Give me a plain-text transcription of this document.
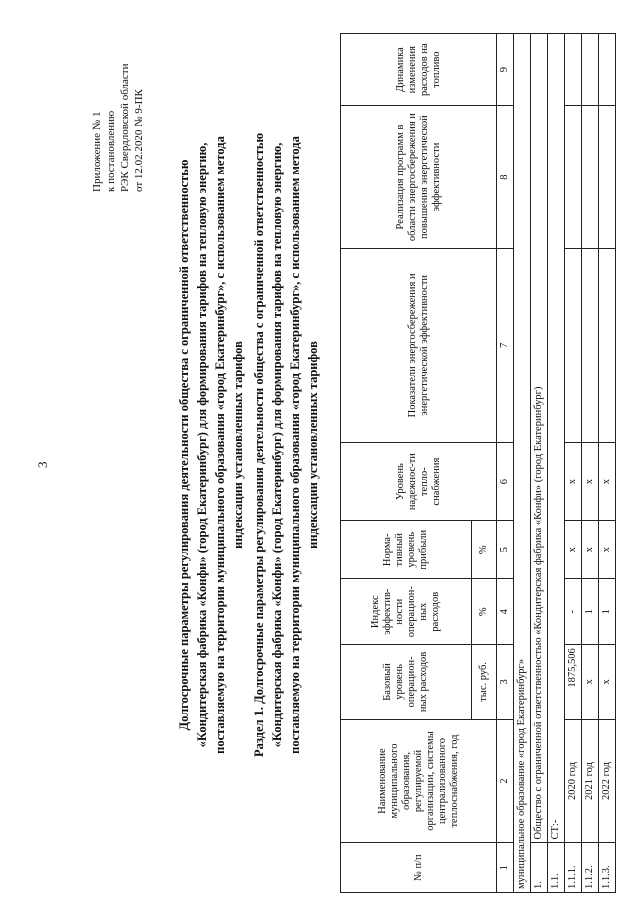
3
Приложение № 1 к постановлению РЭК Свердловской области от 12.02.2020 № 9-ПК
Долгосрочные параметры регулирования деятельности общества с ограниченной ответственностью «Кондитерская фабрика «Конфи» (город Екатеринбург) для формирования тарифов на тепловую энергию, поставляемую на территории муниципального образования «город Екатеринбург», с использованием метода индексации установленных тарифов Раздел 1. Долгосрочные параметры регулирования деятельности общества с ограниченной ответственностью «Кондитерская фабрика «Конфи» (город Екатеринбург) для формирования тарифов на тепловую энергию, поставляемую на территории муниципального образования «город Екатеринбург», с использованием метода индексации установленных тарифов
№ п/п	Наименование муниципального образования, регулируемой организации, системы централизованного теплоснабжения, год	Базовый уровень операцион-ных расходов	Индекс эффектив-ности операцион-ных расходов	Норма-тивный уровень прибыли	Уровень надежнос-ти тепло-снабжения	Показатели энергосбережения и энергетической эффективности	Реализация программ в области энергосбережения и повышения энергетической эффективности	Динамика изменения расходов на топливо
		тыс. руб.	%	%				
1	2	3	4	5	6	7	8	9
муниципальное образование «город Екатеринбург»								
1.	Общество с ограниченной ответственностью «Кондитерская фабрика «Конфи» (город Екатеринбург)							
1.1.	СТ:-							
1.1.1.	2020 год	1875,506	-	x	x			
1.1.2.	2021 год	x	1	x	x			
1.1.3.	2022 год	x	1	x	x			
